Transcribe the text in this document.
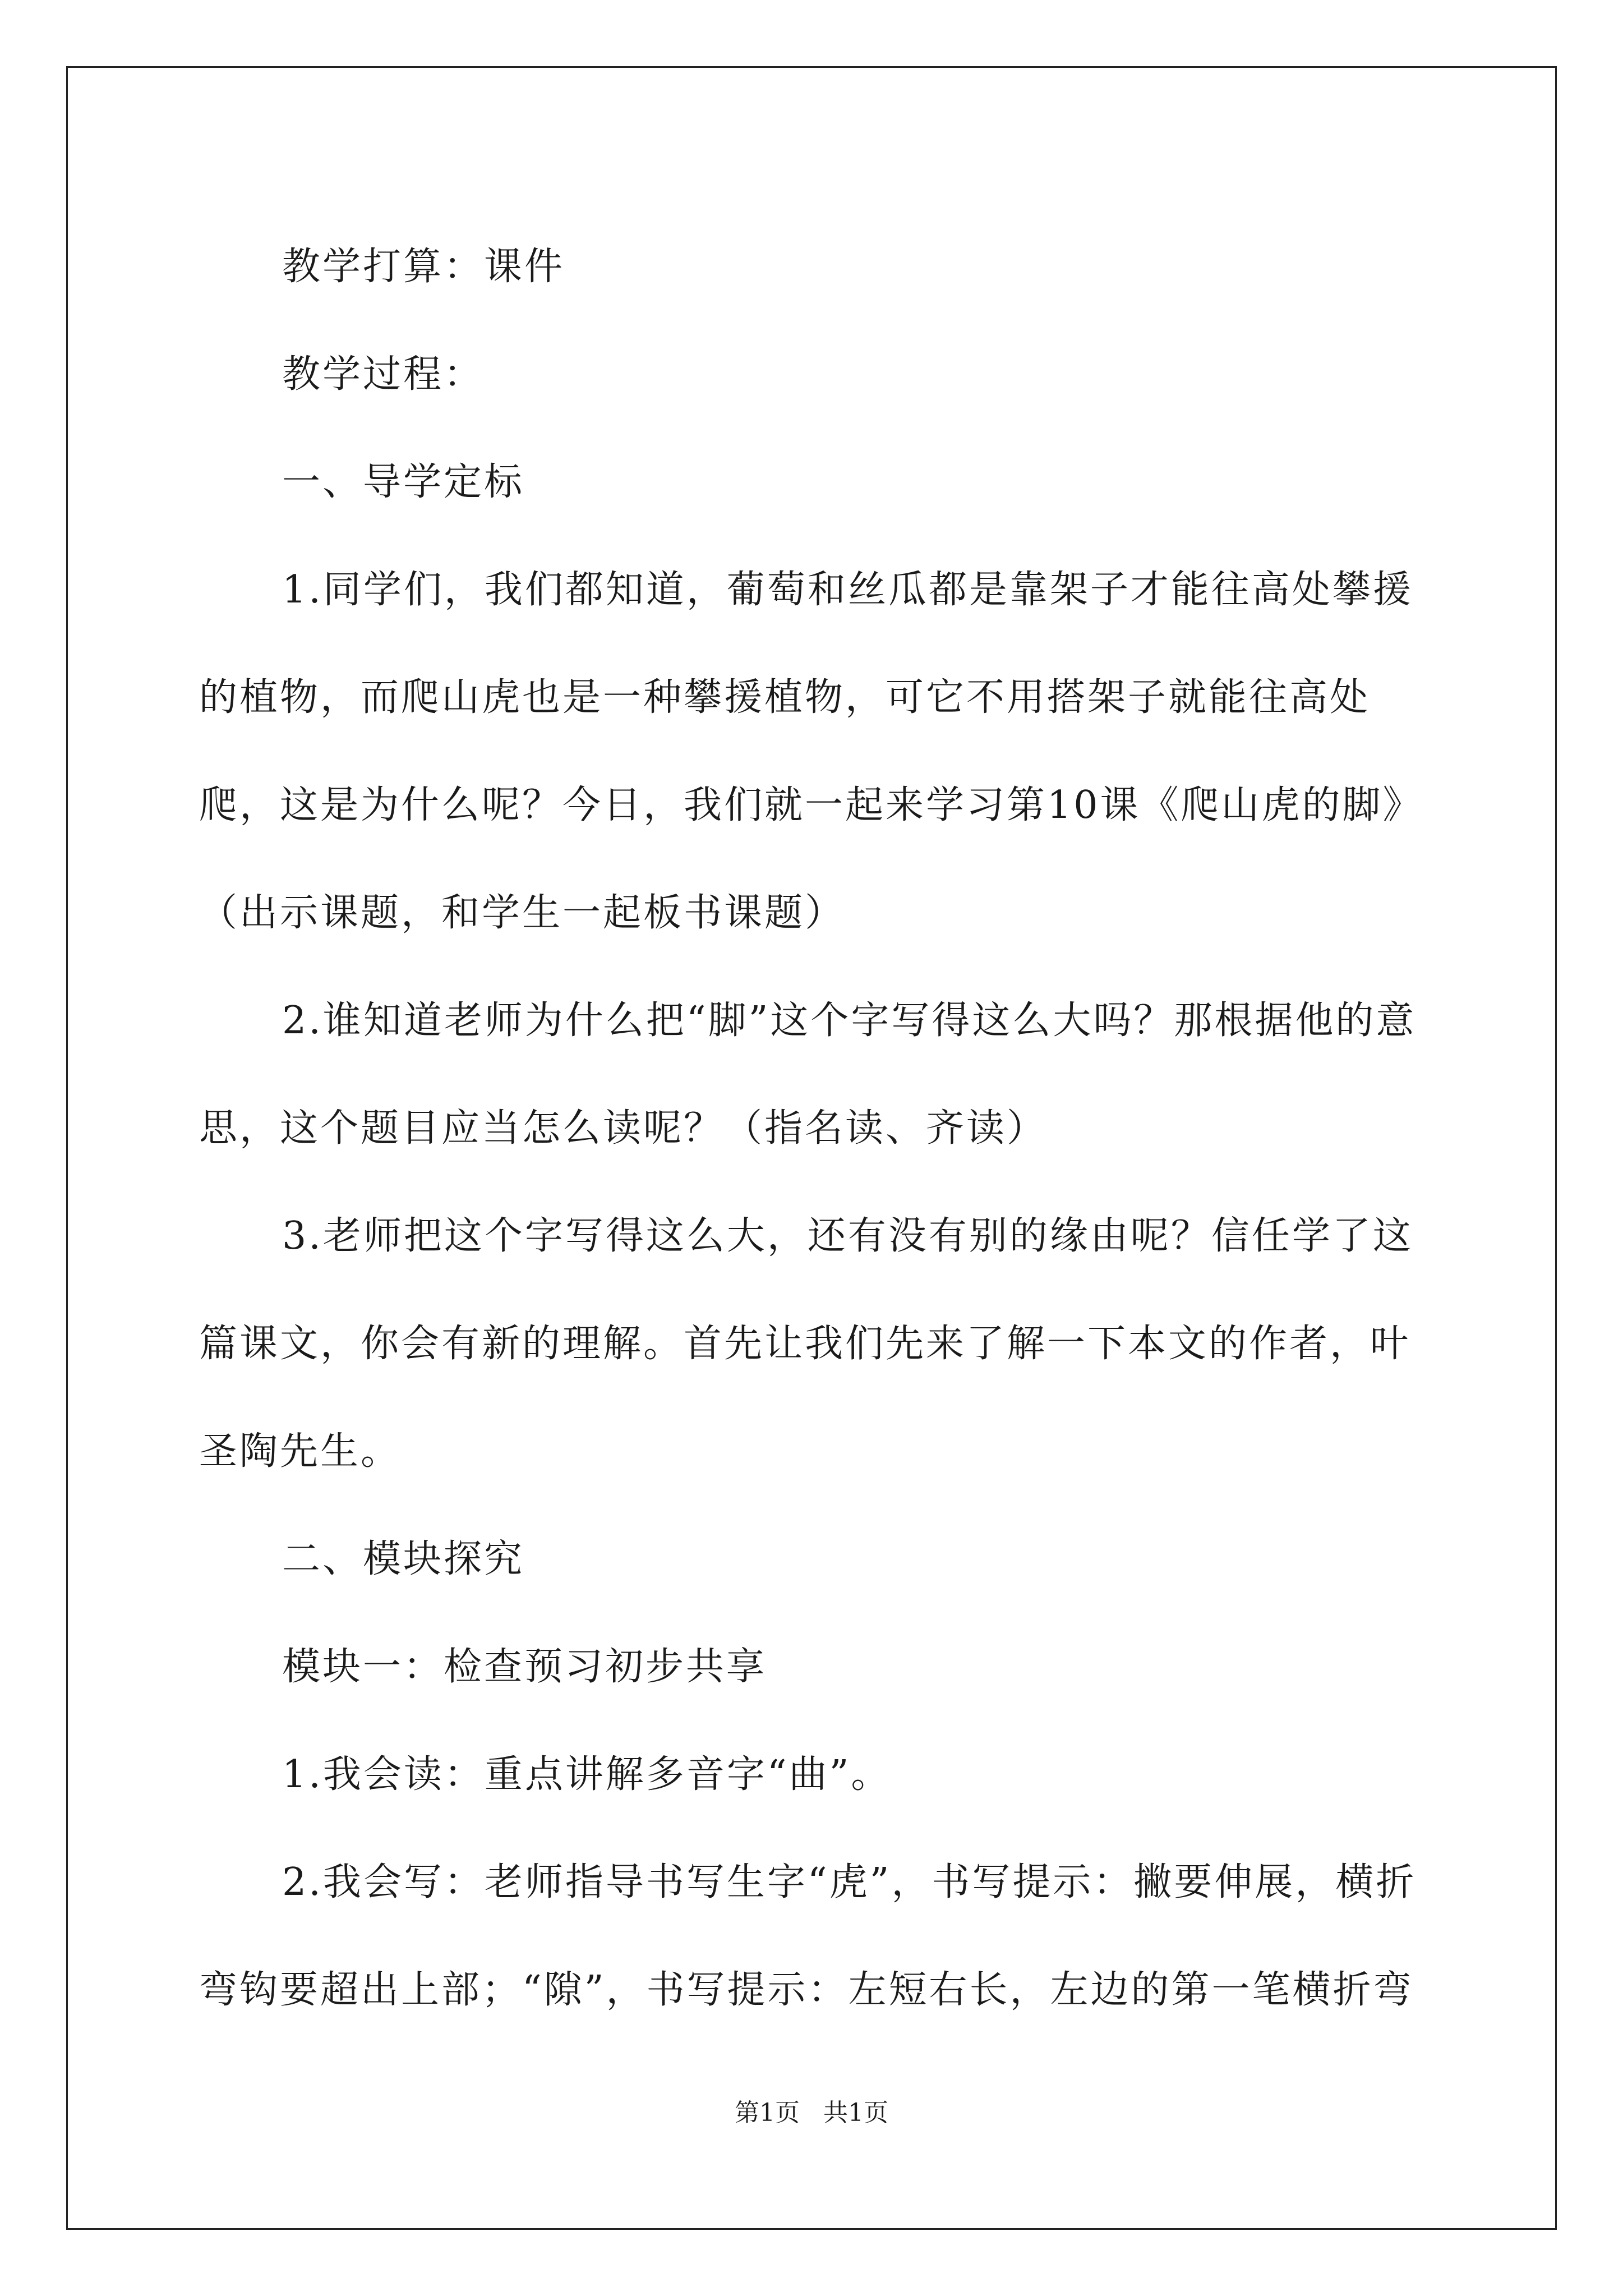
教学打算：课件

教学过程：

一、导学定标

1.同学们，我们都知道，葡萄和丝瓜都是靠架子才能往高处攀援的植物，而爬山虎也是一种攀援植物，可它不用搭架子就能往高处爬，这是为什么呢？今日，我们就一起来学习第10课《爬山虎的脚》（出示课题，和学生一起板书课题）

2.谁知道老师为什么把“脚”这个字写得这么大吗？那根据他的意思，这个题目应当怎么读呢？（指名读、齐读）

3.老师把这个字写得这么大，还有没有别的缘由呢？信任学了这篇课文，你会有新的理解。首先让我们先来了解一下本文的作者，叶圣陶先生。

二、模块探究

模块一：检查预习初步共享

1.我会读：重点讲解多音字“曲”。

2.我会写：老师指导书写生字“虎”，书写提示：撇要伸展，横折弯钩要超出上部；“隙”，书写提示：左短右长，左边的第一笔横折弯

第1页 共1页
